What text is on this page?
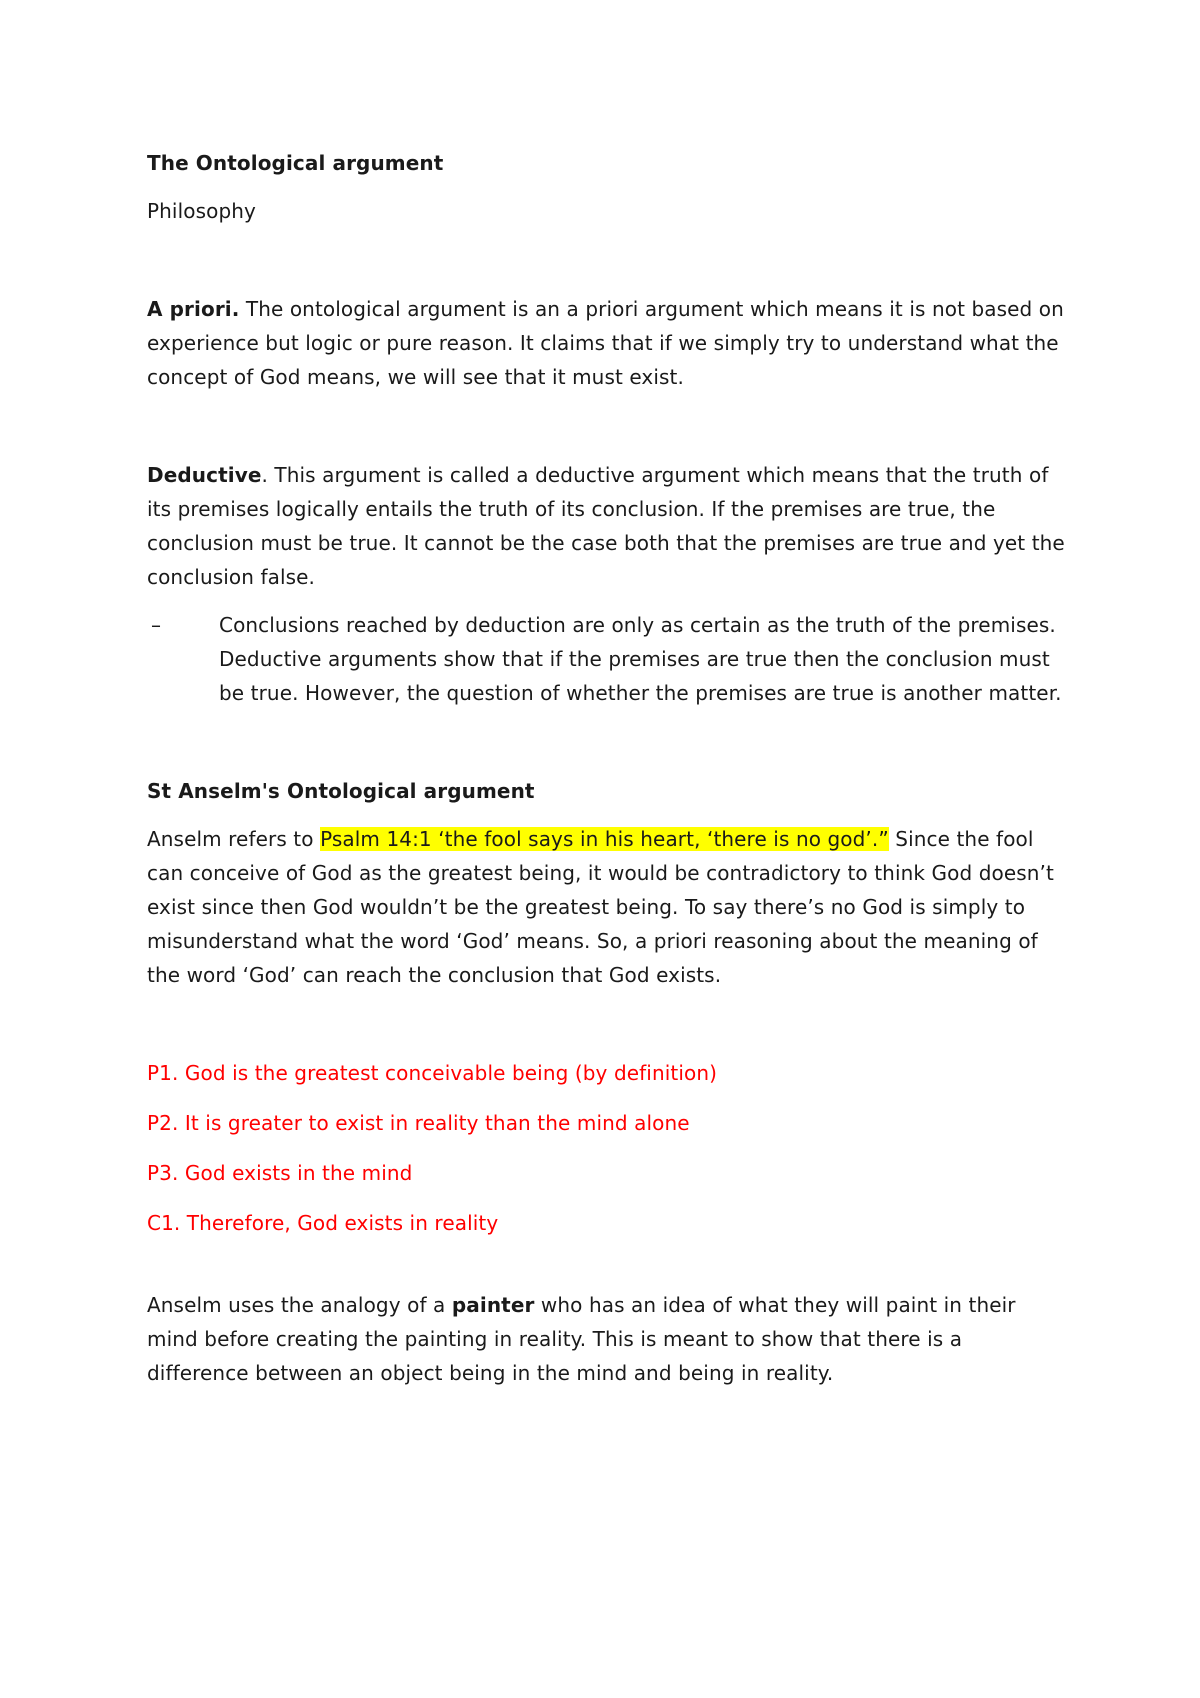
The Ontological argument

Philosophy

A priori. The ontological argument is an a priori argument which means it is not based on experience but logic or pure reason. It claims that if we simply try to understand what the concept of God means, we will see that it must exist.

Deductive. This argument is called a deductive argument which means that the truth of its premises logically entails the truth of its conclusion. If the premises are true, the conclusion must be true. It cannot be the case both that the premises are true and yet the conclusion false.

–	Conclusions reached by deduction are only as certain as the truth of the premises. Deductive arguments show that if the premises are true then the conclusion must be true. However, the question of whether the premises are true is another matter.

St Anselm's Ontological argument

Anselm refers to Psalm 14:1 ‘the fool says in his heart, ‘there is no god’.” Since the fool can conceive of God as the greatest being, it would be contradictory to think God doesn’t exist since then God wouldn’t be the greatest being. To say there’s no God is simply to misunderstand what the word ‘God’ means. So, a priori reasoning about the meaning of the word ‘God’ can reach the conclusion that God exists.

P1. God is the greatest conceivable being (by definition)

P2. It is greater to exist in reality than the mind alone

P3. God exists in the mind

C1. Therefore, God exists in reality

Anselm uses the analogy of a painter who has an idea of what they will paint in their mind before creating the painting in reality. This is meant to show that there is a difference between an object being in the mind and being in reality.
